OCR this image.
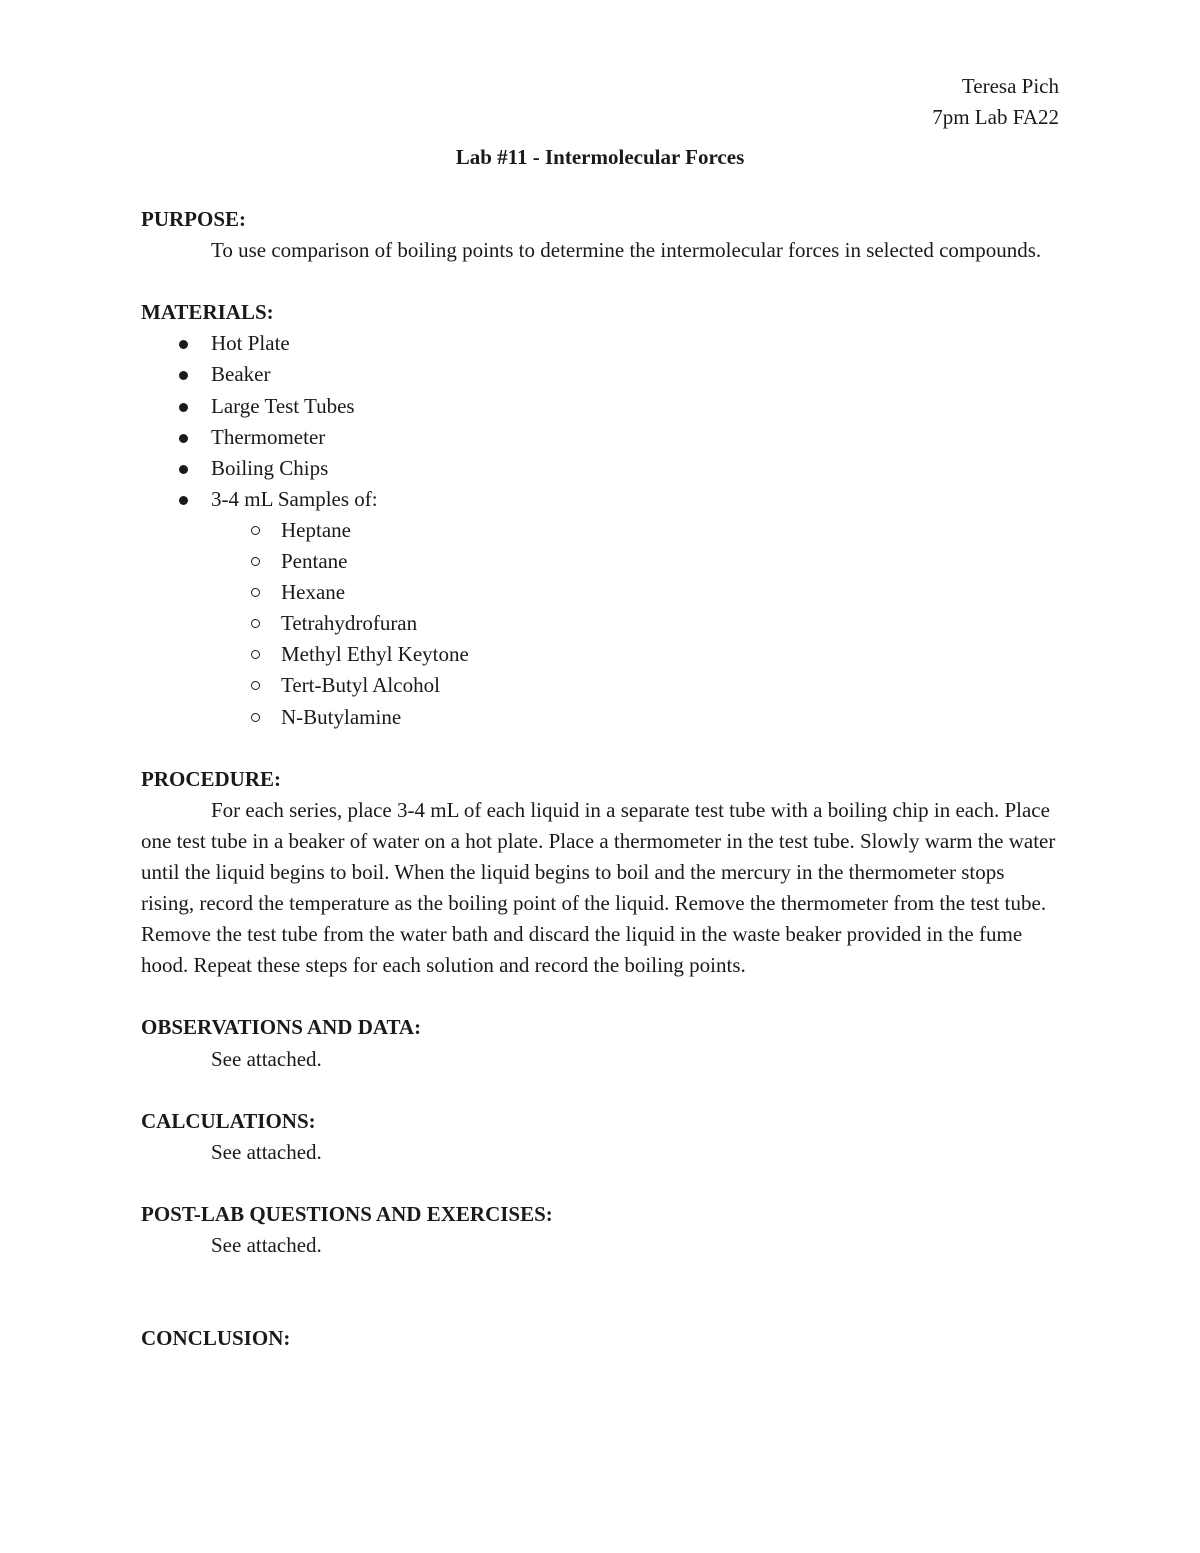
Teresa Pich
7pm Lab FA22
Lab #11 - Intermolecular Forces

PURPOSE:

To use comparison of boiling points to determine the intermolecular forces in selected compounds.

MATERIALS:

Hot Plate
Beaker
Large Test Tubes
Thermometer
Boiling Chips
3-4 mL Samples of:
Heptane
Pentane
Hexane
Tetrahydrofuran
Methyl Ethyl Keytone
Tert-Butyl Alcohol
N-Butylamine

PROCEDURE:

For each series, place 3-4 mL of each liquid in a separate test tube with a boiling chip in each. Place one test tube in a beaker of water on a hot plate. Place a thermometer in the test tube. Slowly warm the water until the liquid begins to boil. When the liquid begins to boil and the mercury in the thermometer stops rising, record the temperature as the boiling point of the liquid. Remove the thermometer from the test tube. Remove the test tube from the water bath and discard the liquid in the waste beaker provided in the fume hood. Repeat these steps for each solution and record the boiling points.

OBSERVATIONS AND DATA:

See attached.

CALCULATIONS:

See attached.

POST-LAB QUESTIONS AND EXERCISES:

See attached.

CONCLUSION:
